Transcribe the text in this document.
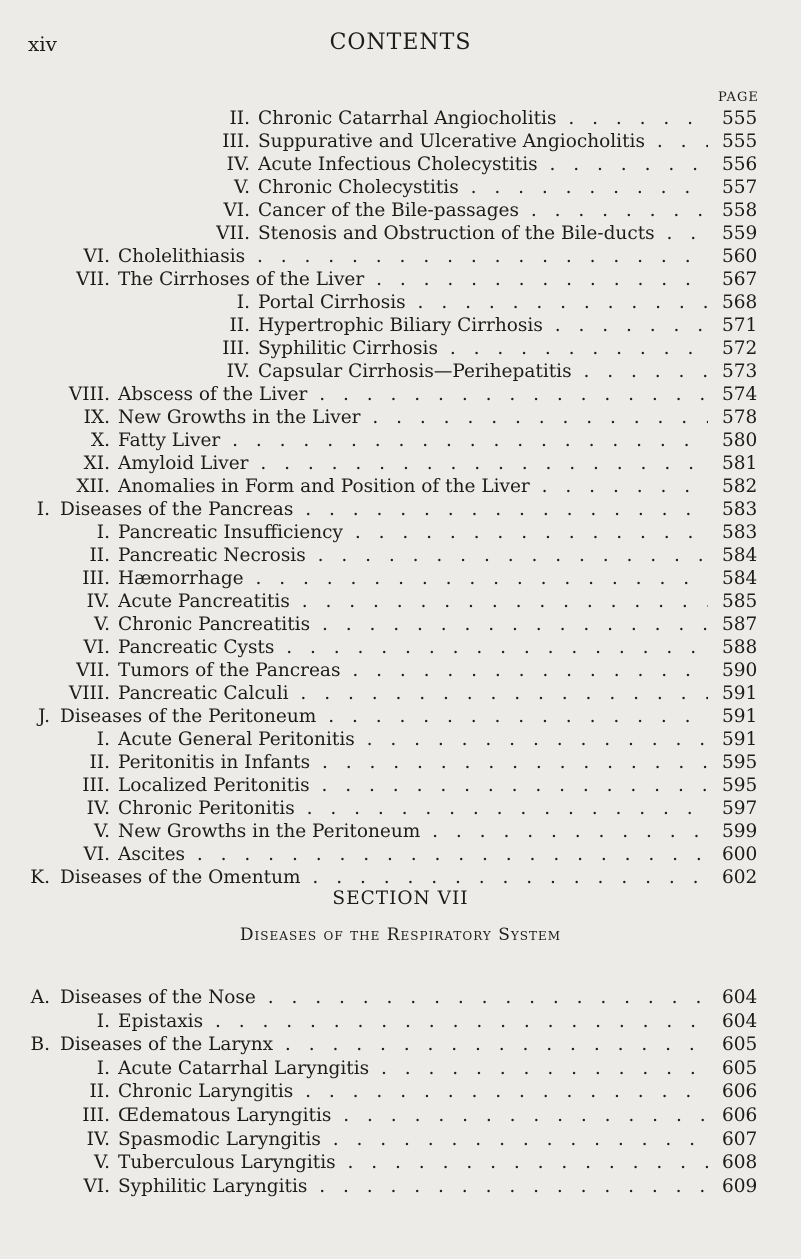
xiv	CONTENTS
PAGE
II. Chronic Catarrhal Angiocholitis . . .	555
III. Suppurative and Ulcerative Angiocholitis . . .	555
IV. Acute Infectious Cholecystitis . . .	556
V. Chronic Cholecystitis . . .	557
VI. Cancer of the Bile-passages . . .	558
VII. Stenosis and Obstruction of the Bile-ducts . . .	559
VI. Cholelithiasis . . .	560
VII. The Cirrhoses of the Liver . . .	567
I. Portal Cirrhosis . . .	568
II. Hypertrophic Biliary Cirrhosis . . .	571
III. Syphilitic Cirrhosis . . .	572
IV. Capsular Cirrhosis—Perihepatitis . . .	573
VIII. Abscess of the Liver . . .	574
IX. New Growths in the Liver . . .	578
X. Fatty Liver . . .	580
XI. Amyloid Liver . . .	581
XII. Anomalies in Form and Position of the Liver . . .	582
I. Diseases of the Pancreas . . .	583
I. Pancreatic Insufficiency . . .	583
II. Pancreatic Necrosis . . .	584
III. Hæmorrhage . . .	584
IV. Acute Pancreatitis . . .	585
V. Chronic Pancreatitis . . .	587
VI. Pancreatic Cysts . . .	588
VII. Tumors of the Pancreas . . .	590
VIII. Pancreatic Calculi . . .	591
J. Diseases of the Peritoneum . . .	591
I. Acute General Peritonitis . . .	591
II. Peritonitis in Infants . . .	595
III. Localized Peritonitis . . .	595
IV. Chronic Peritonitis . . .	597
V. New Growths in the Peritoneum . . .	599
VI. Ascites . . .	600
K. Diseases of the Omentum . . .	602
SECTION VII
Diseases of the Respiratory System
A. Diseases of the Nose . . .	604
I. Epistaxis . . .	604
B. Diseases of the Larynx . . .	605
I. Acute Catarrhal Laryngitis . . .	605
II. Chronic Laryngitis . . .	606
III. Œdematous Laryngitis . . .	606
IV. Spasmodic Laryngitis . . .	607
V. Tuberculous Laryngitis . . .	608
VI. Syphilitic Laryngitis . . .	609
